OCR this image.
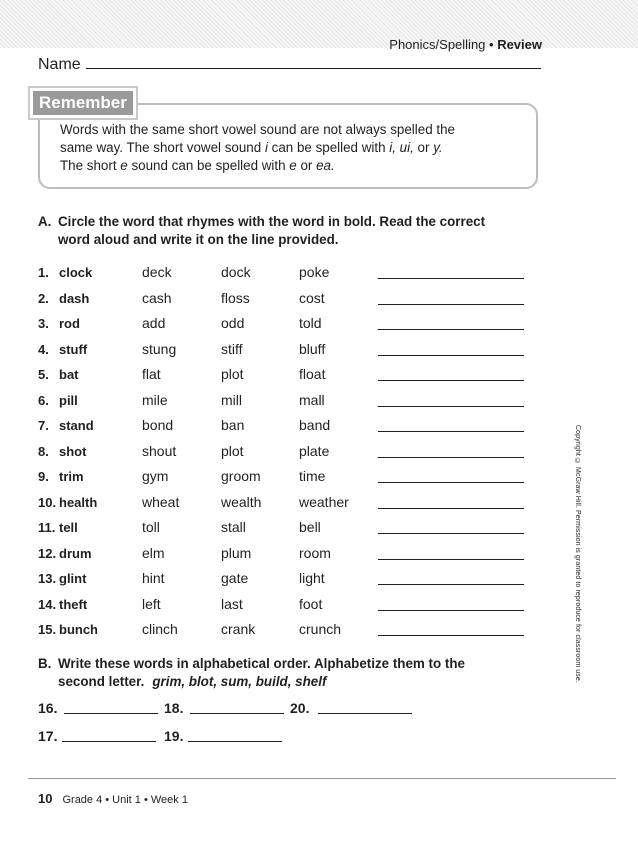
Phonics/Spelling • Review
Name
Remember
Words with the same short vowel sound are not always spelled the
same way. The short vowel sound i can be spelled with i, ui, or y.
The short e sound can be spelled with e or ea.
A. Circle the word that rhymes with the word in bold. Read the correct
word aloud and write it on the line provided.
1. clock	deck	dock	poke
2. dash	cash	floss	cost
3. rod	add	odd	told
4. stuff	stung	stiff	bluff
5. bat	flat	plot	float
6. pill	mile	mill	mall
7. stand	bond	ban	band
8. shot	shout	plot	plate
9. trim	gym	groom	time
10. health	wheat	wealth	weather
11. tell	toll	stall	bell
12. drum	elm	plum	room
13. glint	hint	gate	light
14. theft	left	last	foot
15. bunch	clinch	crank	crunch
B. Write these words in alphabetical order. Alphabetize them to the
second letter. grim, blot, sum, build, shelf
16.	18.	20.
17.	19.
Copyright © McGraw Hill. Permission is granted to reproduce for classroom use.
10 Grade 4 • Unit 1 • Week 1
